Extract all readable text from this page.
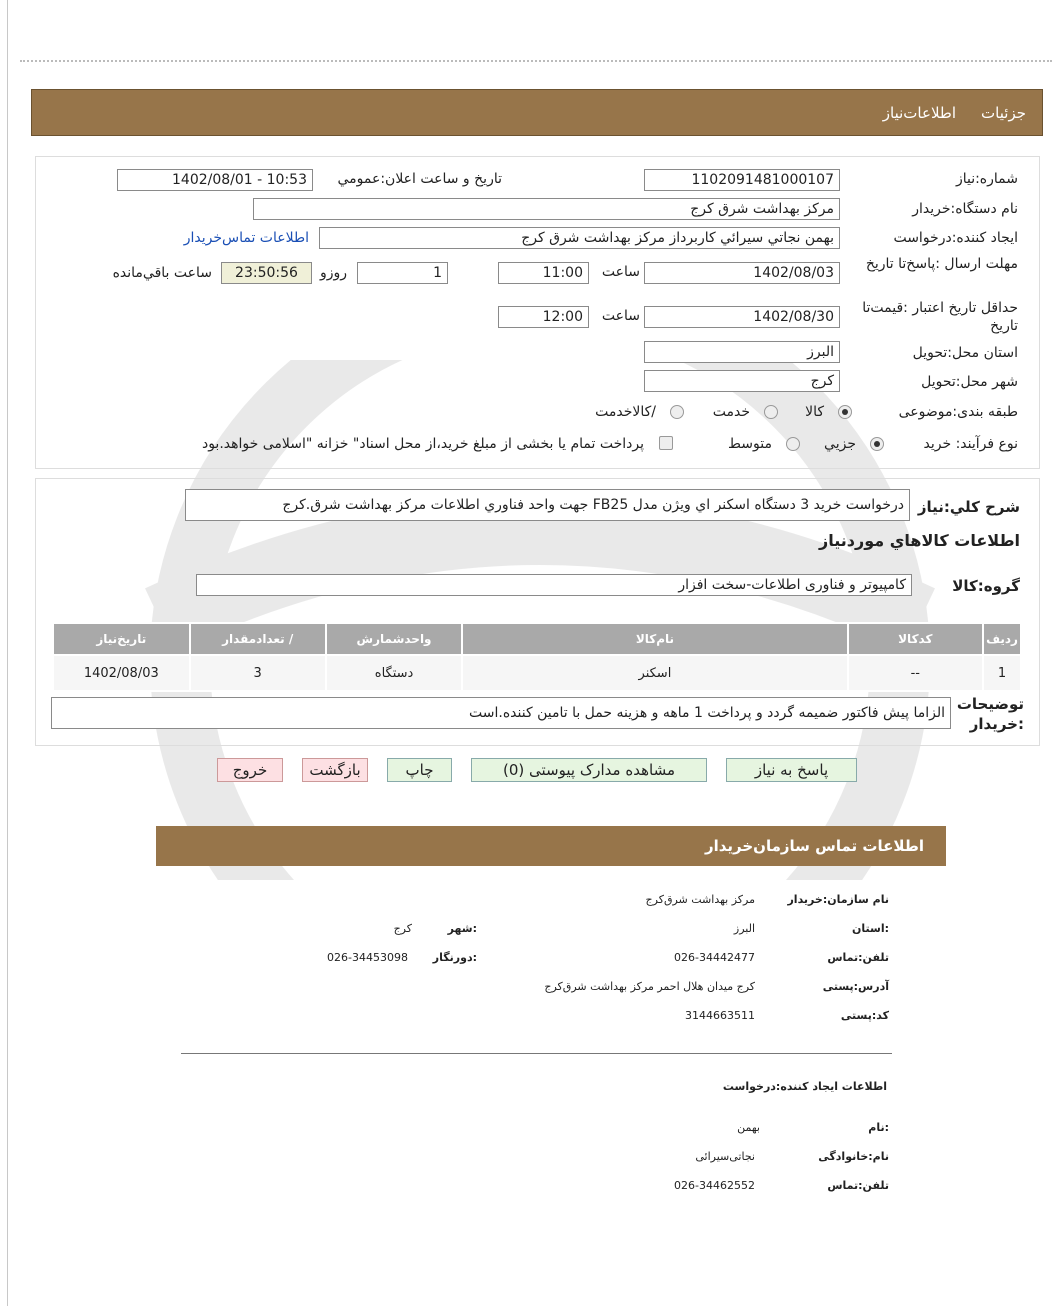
جزئیات
اطلاعات‌نیاز
شماره:نیاز
1102091481000107
تاریخ و ساعت اعلان:عمومي
1402/08/01 - 10:53
نام دستگاه:خریدار
مرکز بهداشت شرق کرج
ایجاد کننده:درخواست
بهمن نجاتي سيرائي كاربرداز مرکز بهداشت شرق کرج
اطلاعات تماس‌خریدار
مهلت ارسال :پاسخ‌تا تاریخ
1402/08/03
ساعت
11:00
1
روزو
23:50:56
ساعت باقي‌مانده
حداقل تاریخ اعتبار :قیمت‌تا تاریخ
1402/08/30
ساعت
12:00
استان محل:تحویل
البرز
شهر محل:تحویل
کرج
طبقه بندی:موضوعی
کالا
خدمت
/کالاخدمت
نوع فرآیند: خرید
جزيي
متوسط
پرداخت تمام یا بخشی از مبلغ خرید،از محل اسناد" خزانه "اسلامی خواهد.بود
شرح کلي:نیاز
درخواست خريد 3 دستگاه اسکنر اي ويژن مدل FB25 جهت واحد فناوري اطلاعات مركز بهداشت شرق.كرج
اطلاعات کالاهاي موردنياز
گروه:کالا
کامپیوتر و فناوری اطلاعات-سخت افزار
رديف	کدکالا	نام‌کالا	واحدشمارش	/ تعدادمقدار	تاریخ‌نیاز
1	--	اسکنر	دستگاه	3	1402/08/03
توضیحات :خریدار
الزاما پیش فاکتور ضمیمه گردد و پرداخت 1 ماهه و هزینه حمل با تامین کننده.است
پاسخ به نیاز
مشاهده مدارک پیوستی (0)
چاپ
بازگشت
خروج
اطلاعات تماس سازمان‌خریدار
نام سازمان:خریدار
مرکز بهداشت شرق‌کرج
:استان
البرز
:شهر
کرج
تلفن:تماس
026-34442477
:دورنگار
026-34453098
آدرس:پستی
کرج میدان هلال احمر مرکز بهداشت شرق‌کرج
کد:پستی
3144663511
اطلاعات ایجاد کننده:درخواست
:نام
بهمن
نام:خانوادگی
نجاتی‌سیرائی
تلفن:تماس
026-34462552
